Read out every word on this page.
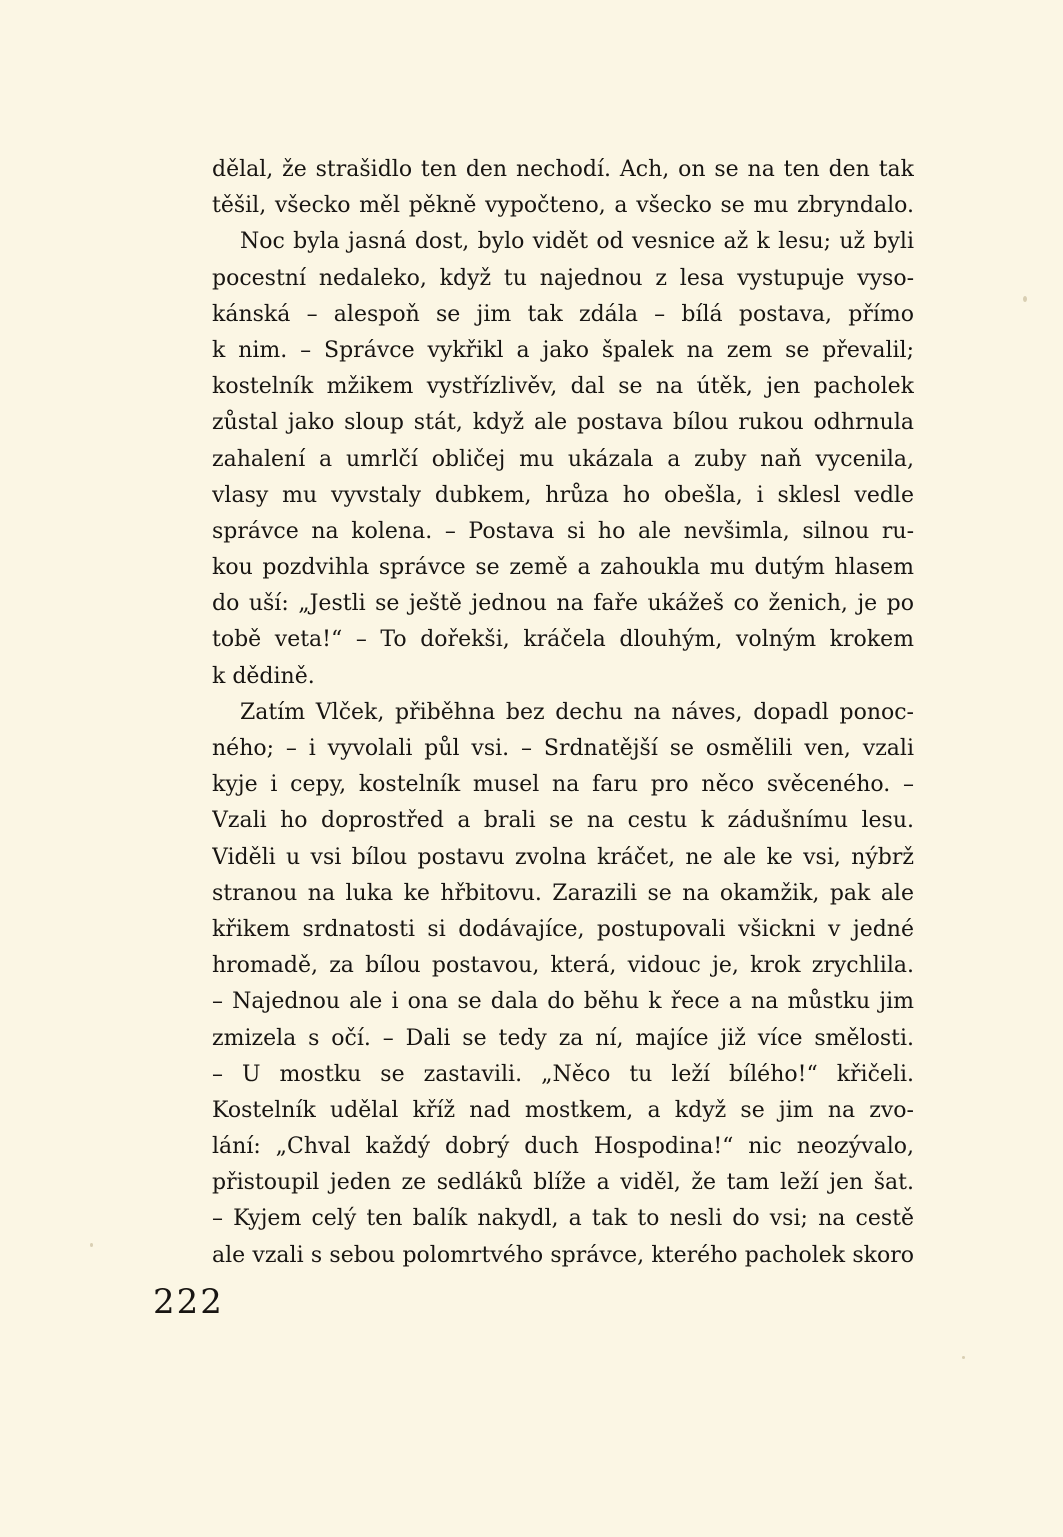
dělal, že strašidlo ten den nechodí. Ach, on se na ten den tak
těšil, všecko měl pěkně vypočteno, a všecko se mu zbryndalo.
Noc byla jasná dost, bylo vidět od vesnice až k lesu; už byli
pocestní nedaleko, když tu najednou z lesa vystupuje vyso-
kánská – alespoň se jim tak zdála – bílá postava, přímo
k nim. – Správce vykřikl a jako špalek na zem se převalil;
kostelník mžikem vystřízlivěv, dal se na útěk, jen pacholek
zůstal jako sloup stát, když ale postava bílou rukou odhrnula
zahalení a umrlčí obličej mu ukázala a zuby naň vycenila,
vlasy mu vyvstaly dubkem, hrůza ho obešla, i sklesl vedle
správce na kolena. – Postava si ho ale nevšimla, silnou ru-
kou pozdvihla správce se země a zahoukla mu dutým hlasem
do uší: „Jestli se ještě jednou na faře ukážeš co ženich, je po
tobě veta!“ – To dořekši, kráčela dlouhým, volným krokem
k dědině.
Zatím Vlček, přiběhna bez dechu na náves, dopadl ponoc-
ného; – i vyvolali půl vsi. – Srdnatější se osmělili ven, vzali
kyje i cepy, kostelník musel na faru pro něco svěceného. –
Vzali ho doprostřed a brali se na cestu k zádušnímu lesu.
Viděli u vsi bílou postavu zvolna kráčet, ne ale ke vsi, nýbrž
stranou na luka ke hřbitovu. Zarazili se na okamžik, pak ale
křikem srdnatosti si dodávajíce, postupovali všickni v jedné
hromadě, za bílou postavou, která, vidouc je, krok zrychlila.
– Najednou ale i ona se dala do běhu k řece a na můstku jim
zmizela s očí. – Dali se tedy za ní, majíce již více smělosti.
– U mostku se zastavili. „Něco tu leží bílého!“ křičeli.
Kostelník udělal kříž nad mostkem, a když se jim na zvo-
lání: „Chval každý dobrý duch Hospodina!“ nic neozývalo,
přistoupil jeden ze sedláků blíže a viděl, že tam leží jen šat.
– Kyjem celý ten balík nakydl, a tak to nesli do vsi; na cestě
ale vzali s sebou polomrtvého správce, kterého pacholek skoro
222
